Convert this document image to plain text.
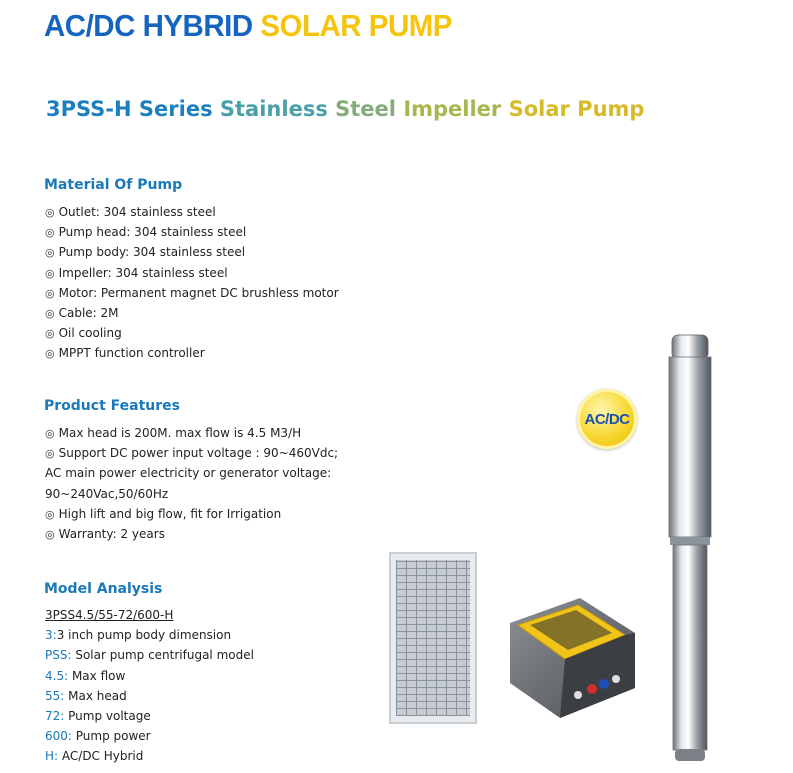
AC/DC HYBRID SOLAR PUMP
3PSS-H Series Stainless Steel Impeller Solar Pump
Material Of Pump
◎ Outlet: 304 stainless steel
◎ Pump head: 304 stainless steel
◎ Pump body: 304 stainless steel
◎ Impeller: 304 stainless steel
◎ Motor: Permanent magnet DC brushless motor
◎ Cable: 2M
◎ Oil cooling
◎ MPPT function controller
Product Features
◎ Max head is 200M. max flow is 4.5 M3/H
◎ Support DC power input voltage : 90~460Vdc;
AC main power electricity or generator voltage:
90~240Vac,50/60Hz
◎ High lift and big flow, fit for Irrigation
◎ Warranty: 2 years
Model Analysis
3PSS4.5/55-72/600-H
3:3 inch pump body dimension
PSS: Solar pump centrifugal model
4.5: Max flow
55: Max head
72: Pump voltage
600: Pump power
H: AC/DC Hybrid
AC/DC
